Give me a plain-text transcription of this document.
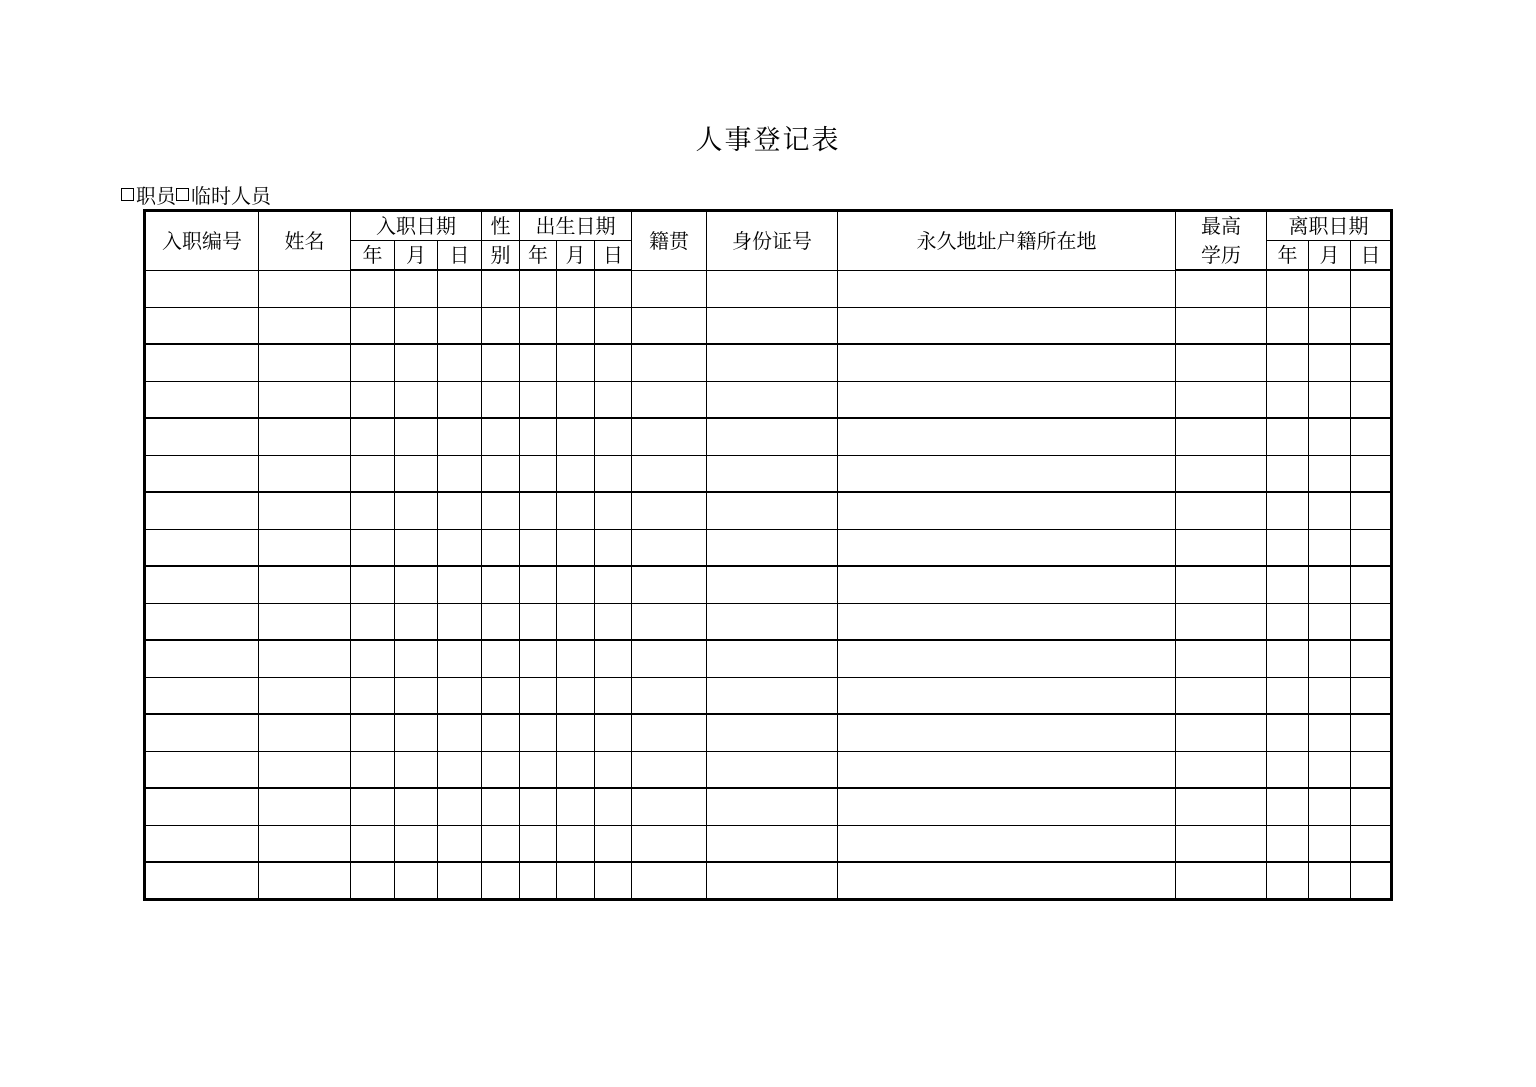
人事登记表
职员 临时人员
入职编号	姓名	入职日期			性	出生日期			籍贯	身份证号	永久地址户籍所在地	最高	离职日期		
		年	月	日	别	年	月	日				学历	年	月	日
